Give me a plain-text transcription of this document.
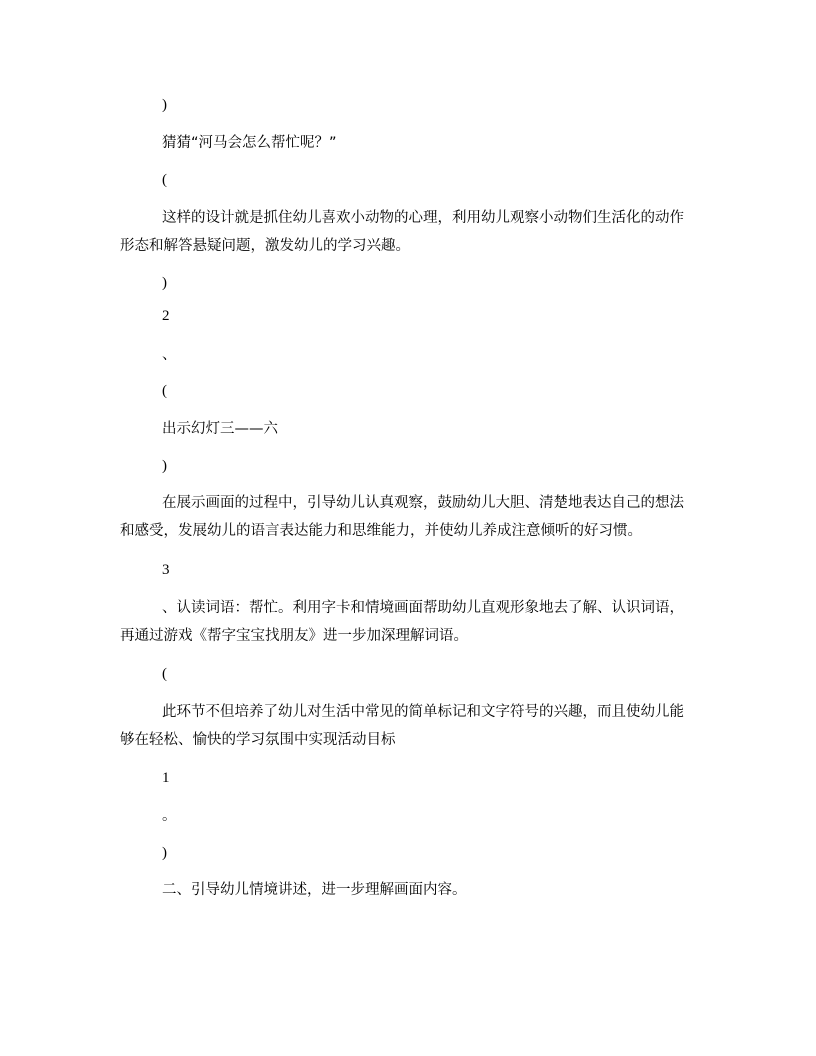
)
猜猜“河马会怎么帮忙呢？”
(
这样的设计就是抓住幼儿喜欢小动物的心理，利用幼儿观察小动物们生活化的动作
形态和解答悬疑问题，激发幼儿的学习兴趣。
)
2
、
(
出示幻灯三——六
)
在展示画面的过程中，引导幼儿认真观察，鼓励幼儿大胆、清楚地表达自己的想法
和感受，发展幼儿的语言表达能力和思维能力，并使幼儿养成注意倾听的好习惯。
3
、认读词语：帮忙。利用字卡和情境画面帮助幼儿直观形象地去了解、认识词语，
再通过游戏《帮字宝宝找朋友》进一步加深理解词语。
(
此环节不但培养了幼儿对生活中常见的简单标记和文字符号的兴趣，而且使幼儿能
够在轻松、愉快的学习氛围中实现活动目标
1
。
)
二、引导幼儿情境讲述，进一步理解画面内容。
